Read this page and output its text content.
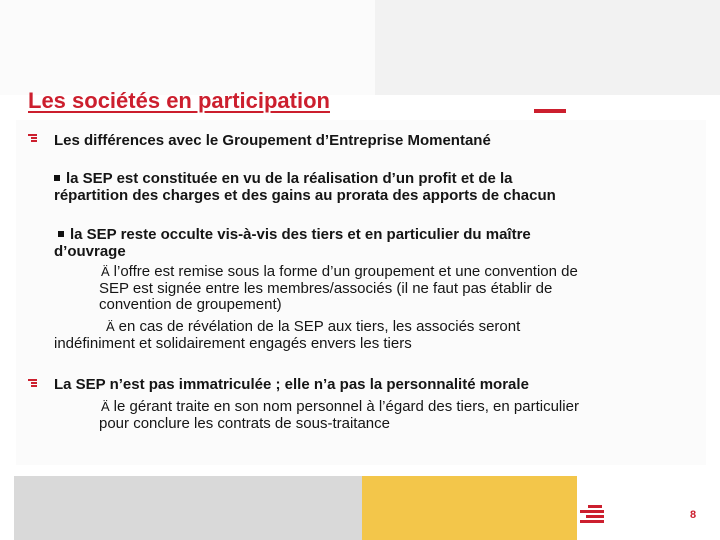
Les sociétés en participation
Les différences avec le Groupement d’Entreprise Momentané
la SEP est constituée en vu de la réalisation d’un profit et de la
répartition des charges et des gains au prorata des apports de chacun
la SEP reste occulte vis-à-vis des tiers et en particulier du maître
d’ouvrage
Ä l’offre est remise sous la forme d’un groupement et une convention de
SEP est signée entre les membres/associés (il ne faut pas établir de
convention de groupement)
Ä en cas de révélation de la SEP aux tiers, les associés seront
indéfiniment et solidairement engagés envers les tiers
La SEP n’est pas immatriculée ; elle n’a pas la personnalité morale
Ä le gérant traite en son nom personnel à l’égard des tiers, en particulier
pour conclure les contrats de sous-traitance
8
